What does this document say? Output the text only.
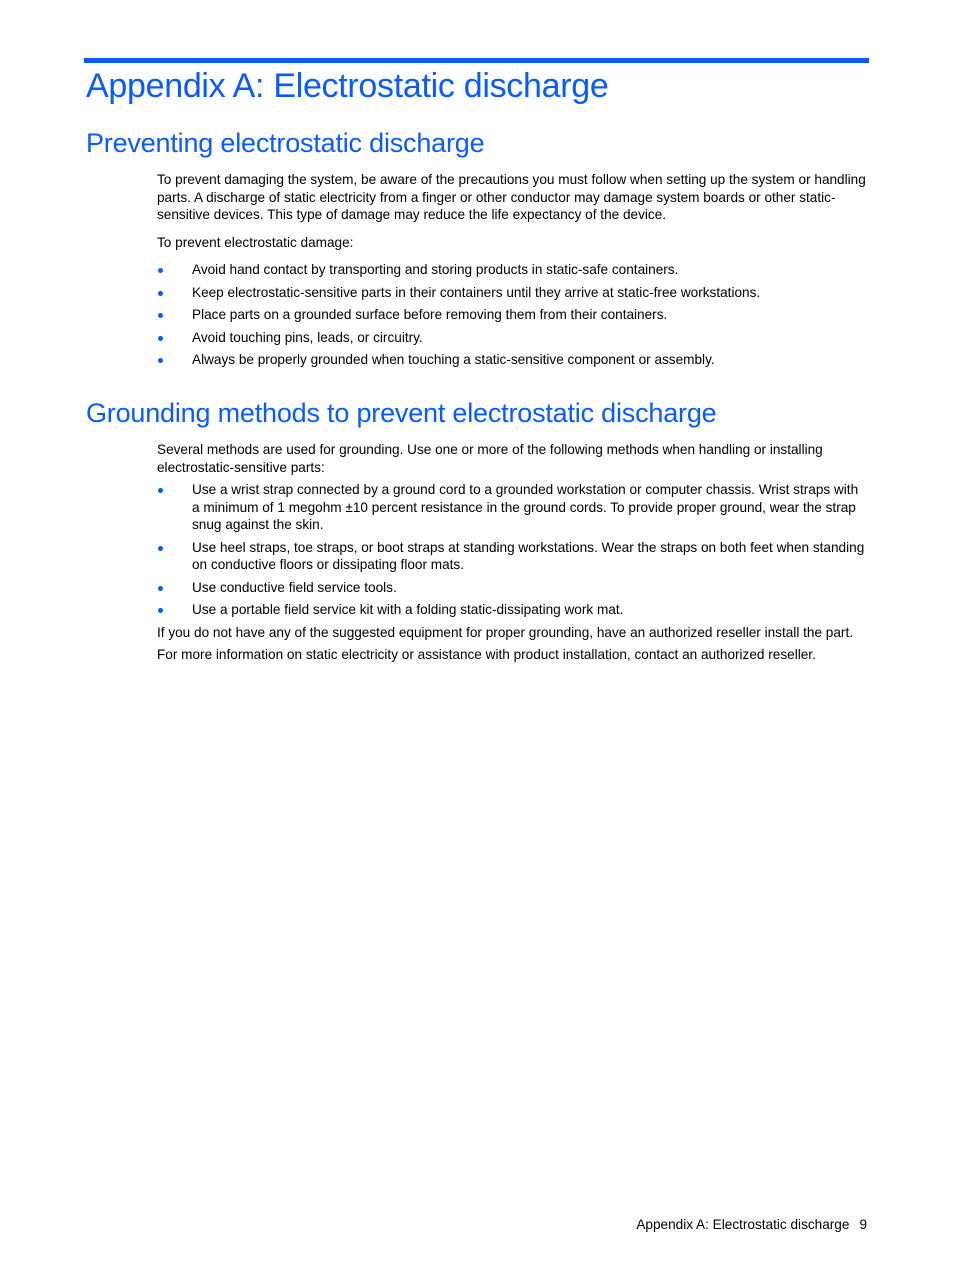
Appendix A: Electrostatic discharge
Preventing electrostatic discharge

To prevent damaging the system, be aware of the precautions you must follow when setting up the system or handling parts. A discharge of static electricity from a finger or other conductor may damage system boards or other static-sensitive devices. This type of damage may reduce the life expectancy of the device.

To prevent electrostatic damage:

Avoid hand contact by transporting and storing products in static-safe containers.
Keep electrostatic-sensitive parts in their containers until they arrive at static-free workstations.
Place parts on a grounded surface before removing them from their containers.
Avoid touching pins, leads, or circuitry.
Always be properly grounded when touching a static-sensitive component or assembly.
Grounding methods to prevent electrostatic discharge

Several methods are used for grounding. Use one or more of the following methods when handling or installing electrostatic-sensitive parts:

Use a wrist strap connected by a ground cord to a grounded workstation or computer chassis. Wrist straps with a minimum of 1 megohm ±10 percent resistance in the ground cords. To provide proper ground, wear the strap snug against the skin.
Use heel straps, toe straps, or boot straps at standing workstations. Wear the straps on both feet when standing on conductive floors or dissipating floor mats.
Use conductive field service tools.
Use a portable field service kit with a folding static-dissipating work mat.

If you do not have any of the suggested equipment for proper grounding, have an authorized reseller install the part.

For more information on static electricity or assistance with product installation, contact an authorized reseller.

Appendix A: Electrostatic discharge 9
